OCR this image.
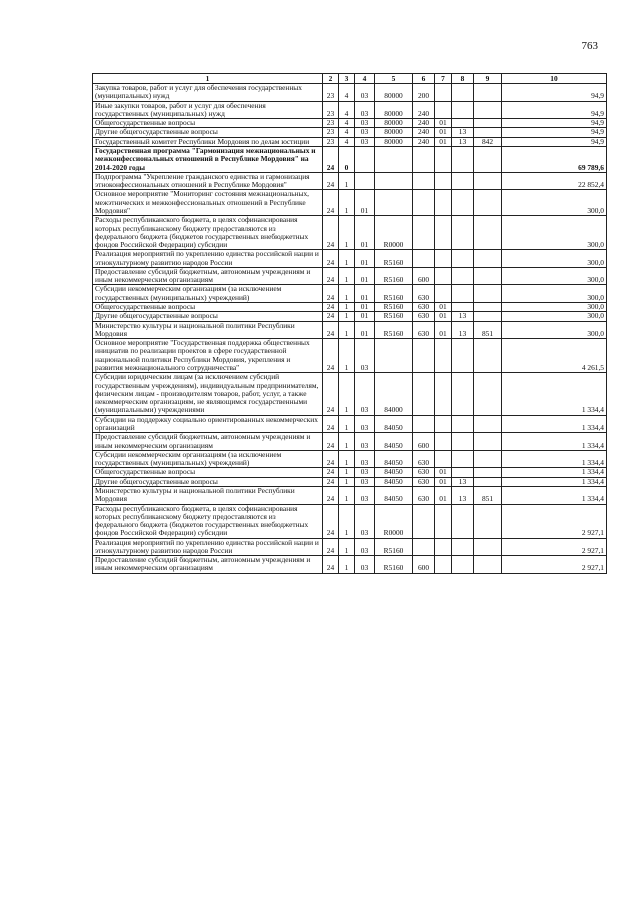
763
1	2	3	4	5	6	7	8	9	10
Закупка товаров, работ и услуг для обеспечения государственных (муниципальных) нужд	23	4	03	80000	200				94,9
Иные закупки товаров, работ и услуг для обеспечения государственных (муниципальных) нужд	23	4	03	80000	240				94,9
Общегосударственные вопросы	23	4	03	80000	240	01			94,9
Другие общегосударственные вопросы	23	4	03	80000	240	01	13		94,9
Государственный комитет Республики Мордовия по делам юстиции	23	4	03	80000	240	01	13	842	94,9
Государственная программа "Гармонизация межнациональных и межконфессиональных отношений в Республике Мордовия" на 2014-2020 годы	24	0							69 789,6
Подпрограмма "Укрепление гражданского единства и гармонизация этноконфессиональных отношений в Республике Мордовия"	24	1							22 852,4
Основное мероприятие "Мониторинг состояния межнациональных, межэтнических и межконфессиональных отношений в Республике Мордовия"	24	1	01						300,0
Расходы республиканского бюджета, в целях софинансирования которых республиканскому бюджету предоставляются из федерального бюджета (бюджетов государственных внебюджетных фондов Российской Федерации) субсидии	24	1	01	R0000					300,0
Реализация мероприятий по укреплению единства российской нации и этнокультурному развитию народов России	24	1	01	R5160					300,0
Предоставление субсидий бюджетным, автономным учреждениям и иным некоммерческим организациям	24	1	01	R5160	600				300,0
Субсидии некоммерческим организациям (за исключением государственных (муниципальных) учреждений)	24	1	01	R5160	630				300,0
Общегосударственные вопросы	24	1	01	R5160	630	01			300,0
Другие общегосударственные вопросы	24	1	01	R5160	630	01	13		300,0
Министерство культуры и национальной политики Республики Мордовия	24	1	01	R5160	630	01	13	851	300,0
Основное мероприятие "Государственная поддержка общественных инициатив по реализации проектов в сфере государственной национальной политики Республики Мордовия, укрепления и развития межнационального сотрудничества"	24	1	03						4 261,5
Субсидии юридическим лицам (за исключением субсидий государственным учреждениям), индивидуальным предпринимателям, физическим лицам - производителям товаров, работ, услуг, а также некоммерческим организациям, не являющимся государственными (муниципальными) учреждениями	24	1	03	84000					1 334,4
Субсидии на поддержку социально ориентированных некоммерческих организаций	24	1	03	84050					1 334,4
Предоставление субсидий бюджетным, автономным учреждениям и иным некоммерческим организациям	24	1	03	84050	600				1 334,4
Субсидии некоммерческим организациям (за исключением государственных (муниципальных) учреждений)	24	1	03	84050	630				1 334,4
Общегосударственные вопросы	24	1	03	84050	630	01			1 334,4
Другие общегосударственные вопросы	24	1	03	84050	630	01	13		1 334,4
Министерство культуры и национальной политики Республики Мордовия	24	1	03	84050	630	01	13	851	1 334,4
Расходы республиканского бюджета, в целях софинансирования которых республиканскому бюджету предоставляются из федерального бюджета (бюджетов государственных внебюджетных фондов Российской Федерации) субсидии	24	1	03	R0000					2 927,1
Реализация мероприятий по укреплению единства российской нации и этнокультурному развитию народов России	24	1	03	R5160					2 927,1
Предоставление субсидий бюджетным, автономным учреждениям и иным некоммерческим организациям	24	1	03	R5160	600				2 927,1
